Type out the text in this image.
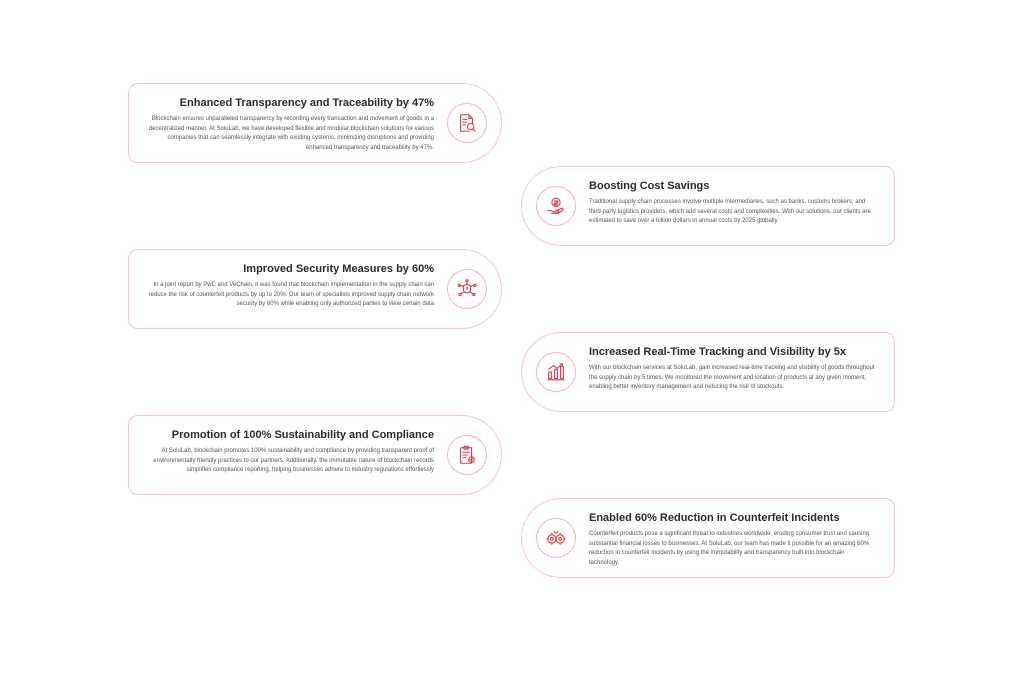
Enhanced Transparency and Traceability by 47%
Blockchain ensures unparalleled transparency by recording every transaction and movement of goods in a decentralized manner. At SoluLab, we have developed flexible and modular blockchain solutions for various companies that can seamlessly integrate with existing systems, minimizing disruptions and providing enhanced transparency and traceability by 47%.
Boosting Cost Savings
Traditional supply chain processes involve multiple intermediaries, such as banks, customs brokers, and third-party logistics providers, which add several costs and complexities. With our solutions, our clients are estimated to save over a billion dollars in annual costs by 2025 globally
Improved Security Measures by 60%
In a joint report by PwC and VeChain, it was found that blockchain implementation in the supply chain can reduce the risk of counterfeit products by up to 20%. Our team of specialists improved supply chain network security by 60% while enabling only authorized parties to view certain data
Increased Real-Time Tracking and Visibility by 5x
With our blockchain services at SoluLab, gain increased real-time tracking and visibility of goods throughout the supply chain by 5 times. We monitored the movement and location of products at any given moment, enabling better inventory management and reducing the risk of stockouts.
Promotion of 100% Sustainability and Compliance
At SoluLab, blockchain promotes 100% sustainability and compliance by providing transparent proof of environmentally friendly practices to our partners. Additionally, the immutable nature of blockchain records simplifies compliance reporting, helping businesses adhere to industry regulations effortlessly
Enabled 60% Reduction in Counterfeit Incidents
Counterfeit products pose a significant threat to industries worldwide, eroding consumer trust and causing substantial financial losses to businesses. At SoluLab, our team has made it possible for an amazing 60% reduction in counterfeit incidents by using the immutability and transparency built into blockchain technology.
